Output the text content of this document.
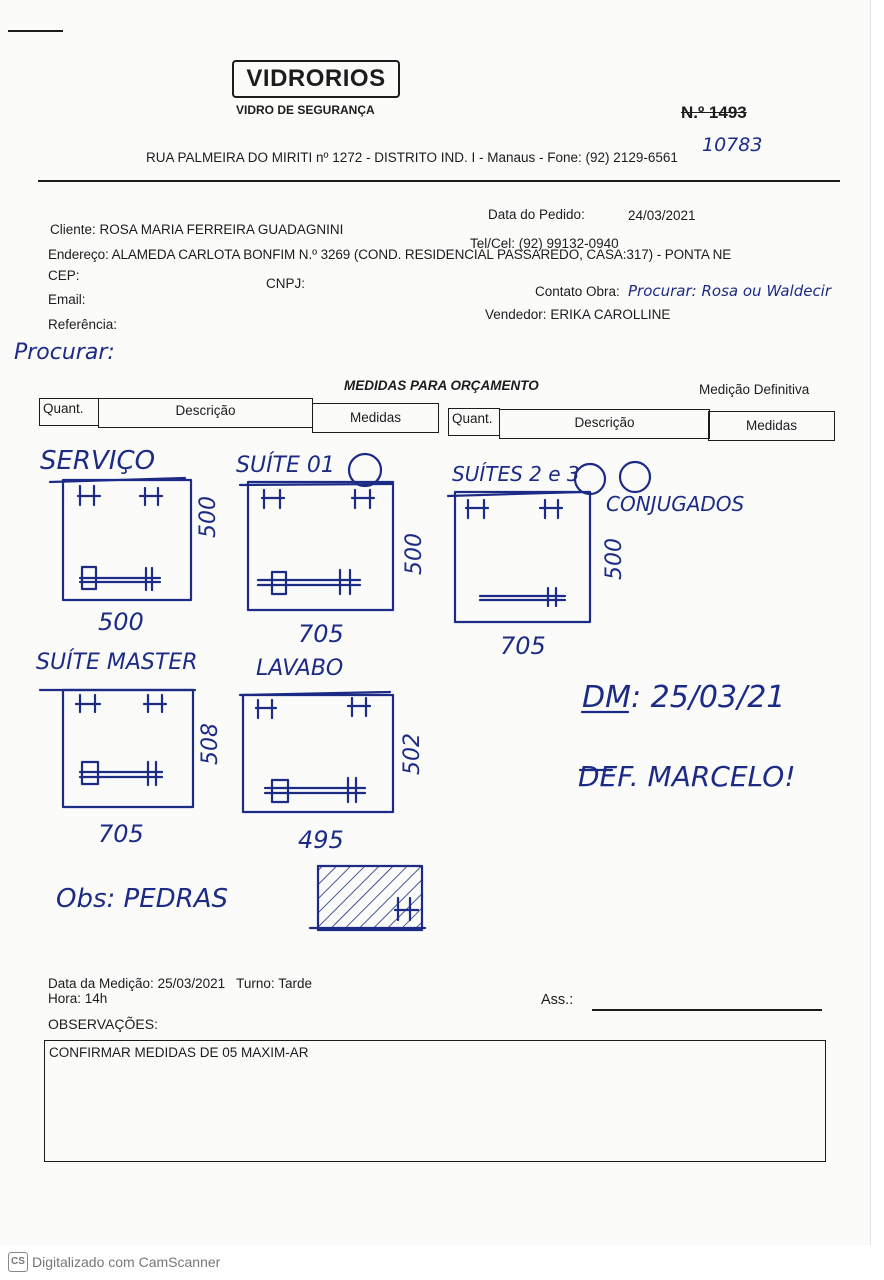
VIDRORIOS
VIDRO DE SEGURANÇA	N.º 1493
10783
RUA PALMEIRA DO MIRITI nº 1272 - DISTRITO IND. I - Manaus - Fone: (92) 2129-6561
Data do Pedido:	24/03/2021
Cliente: ROSA MARIA FERREIRA GUADAGNINI
Tel/Cel: (92) 99132-0940
Endereço: ALAMEDA CARLOTA BONFIM N.º 3269 (COND. RESIDENCIAL PASSAREDO, CASA:317) - PONTA NE
CEP:
CNPJ:
Contato Obra: Procurar: Rosa ou Waldecir
Email:
Vendedor: ERIKA CAROLLINE
Referência:
Procurar:
MEDIDAS PARA ORÇAMENTO	Medição Definitiva
Quant.	Descrição	Medidas	Quant.	Descrição	Medidas
SERVIÇO	SUÍTE 01	SUÍTES 2 e 3
CONJUGADOS
500
500	500
500	705	705
SUÍTE MASTER	LAVABO
508	502
705	495
DM: 25/03/21
DEF. MARCELO!
Obs: PEDRAS
Data da Medição: 25/03/2021 Turno: Tarde
Hora: 14h	Ass.:
OBSERVAÇÕES:
CONFIRMAR MEDIDAS DE 05 MAXIM-AR
CS Digitalizado com CamScanner
